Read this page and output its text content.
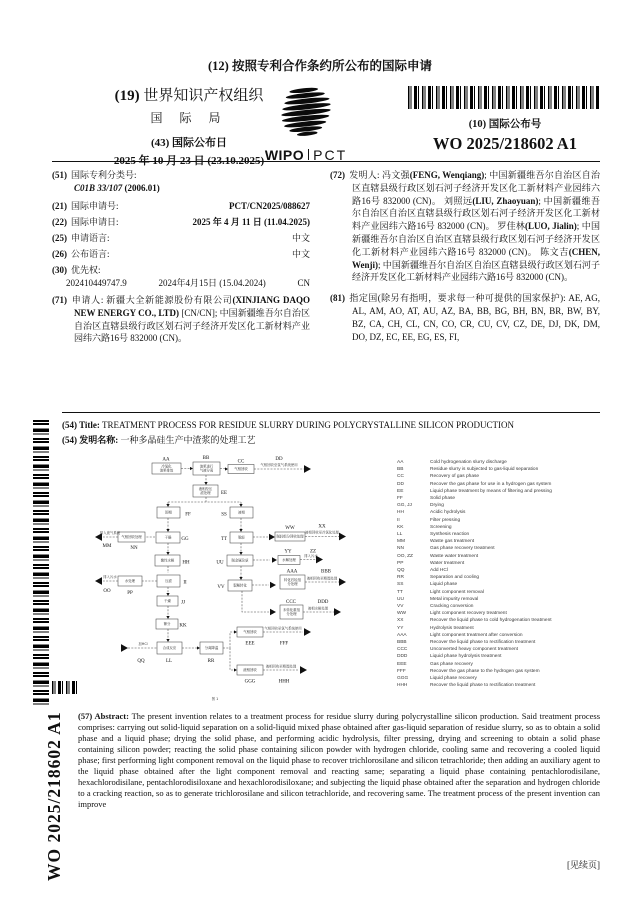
(12) 按照专利合作条约所公布的国际申请
(19) 世界知识产权组织
国 际 局
(43) 国际公布日
2025 年 10 月 23 日 (23.10.2025) WIPO PCT
(10) 国际公布号
WO 2025/218602 A1
(51) 国际专利分类号:
C01B 33/107 (2006.01)
(21) 国际申请号:	PCT/CN2025/088627
(22) 国际申请日:	2025 年 4 月 11 日 (11.04.2025)
(25) 申请语言:	中文
(26) 公布语言:	中文
(30) 优先权:
202410449747.9	2024年4月15日 (15.04.2024)	CN
(71) 申请人: 新疆大全新能源股份有限公司(XINJIANG DAQO NEW ENERGY CO., LTD) [CN/CN]; 中国新疆维吾尔自治区自治区直辖县级行政区划石河子经济开发区化工新材料产业园纬六路16号 832000 (CN)。
(72) 发明人: 冯文强(FENG, Wenqiang); 中国新疆维吾尔自治区自治区直辖县级行政区划石河子经济开发区化工新材料产业园纬六路16号 832000 (CN)。 刘照远(LIU, Zhaoyuan); 中国新疆维吾尔自治区自治区直辖县级行政区划石河子经济开发区化工新材料产业园纬六路16号 832000 (CN)。 罗佳林(LUO, Jialin); 中国新疆维吾尔自治区自治区直辖县级行政区划石河子经济开发区化工新材料产业园纬六路16号 832000 (CN)。 陈文吉(CHEN, Wenji); 中国新疆维吾尔自治区自治区直辖县级行政区划石河子经济开发区化工新材料产业园纬六路16号 832000 (CN)。
(81) 指定国(除另有指明，要求每一种可提供的国家保护): AE, AG, AL, AM, AO, AT, AU, AZ, BA, BB, BG, BH, BN, BR, BW, BY, BZ, CA, CH, CL, CN, CO, CR, CU, CV, CZ, DE, DJ, DK, DM, DO, DZ, EC, EE, EG, ES, FI,
(54) Title: TREATMENT PROCESS FOR RESIDUE SLURRY DURING POLYCRYSTALLINE SILICON PRODUCTION
(54) 发明名称: 一种多晶硅生产中渣浆的处理工艺
冷氢化
渣浆排放
渣浆进行
气液分离	气相回收
液相经压
滤处理
固相	液相
干燥
气相回收处理
酸性水解
水处理	压滤
干燥
筛分
合成反应	分离降温
气相回收
液相回收
脱轻	脱轻组分回收处理
脱金属杂质	水解处理
裂解转化
转化后轻组
分处理
未转化重组
分处理
气相回收至氢气系统使用
排入废气系统
排入污水
加HCl
气相回收至氢气系统使用
液相回收至精馏处理
液相回收至冷氢化处理
排入污水
液相回收至精馏处理
液相水解处理
图 1
AA	BB
CC	DD
EE
FF
GG
HH
II
JJ
KK
LL
MM	NN
OO	PP
QQ	RR
SS
TT
UU
VV
WW	XX
YY	ZZ
AAA	BBB
CCC	DDD
EEE	FFF
GGG	HHH
AA	Cold hydrogenation slurry discharge
BB	Residue slurry is subjected to gas-liquid separation
CC	Recovery of gas phase
DD	Recover the gas phase for use in a hydrogen gas system
EE	Liquid phase treatment by means of filtering and pressing
FF	Solid phase
GG, JJ	Drying
HH	Acidic hydrolysis
II	Filter pressing
KK	Screening
LL	Synthesis reaction
MM	Waste gas treatment
NN	Gas phase recovery treatment
OO, ZZ	Waste water treatment
PP	Water treatment
QQ	Add HCl
RR	Separation and cooling
SS	Liquid phase
TT	Light component removal
UU	Metal impurity removal
VV	Cracking conversion
WW	Light component recovery treatment
XX	Recover the liquid phase to cold hydrogenation treatment
YY	Hydrolysis treatment
AAA	Light component treatment after conversion
BBB	Recover the liquid phase to rectification treatment
CCC	Unconverted heavy component treatment
DDD	Liquid phase hydrolysis treatment
EEE	Gas phase recovery
FFF	Recover the gas phase to the hydrogen gas system
GGG	Liquid phase recovery
HHH	Recover the liquid phase to rectification treatment
WO 2025/218602 A1 (57) Abstract: The present invention relates to a treatment process for residue slurry during polycrystalline silicon production. Said treatment process comprises: carrying out solid-liquid separation on a solid-liquid mixed phase obtained after gas-liquid separation of residue slurry, so as to obtain a solid phase and a liquid phase; drying the solid phase, and performing acidic hydrolysis, filter pressing, drying and screening to obtain a solid phase containing silicon powder; reacting the solid phase containing silicon powder with hydrogen chloride, cooling same and recovering a cooled liquid phase; first performing light component removal on the liquid phase to recover trichlorosilane and silicon tetrachloride; then adding an auxiliary agent to the liquid phase obtained after the light component removal and reacting same; separating a liquid phase containing pentachlorodisilane, hexachlorodisilane, pentachlorodisiloxane and hexachlorodisiloxane; and subjecting the liquid phase obtained after the separation and hydrogen chloride to a cracking reaction, so as to generate trichlorosilane and silicon tetrachloride, and recovering same. The treatment process of the present invention can improve
[见续页]
